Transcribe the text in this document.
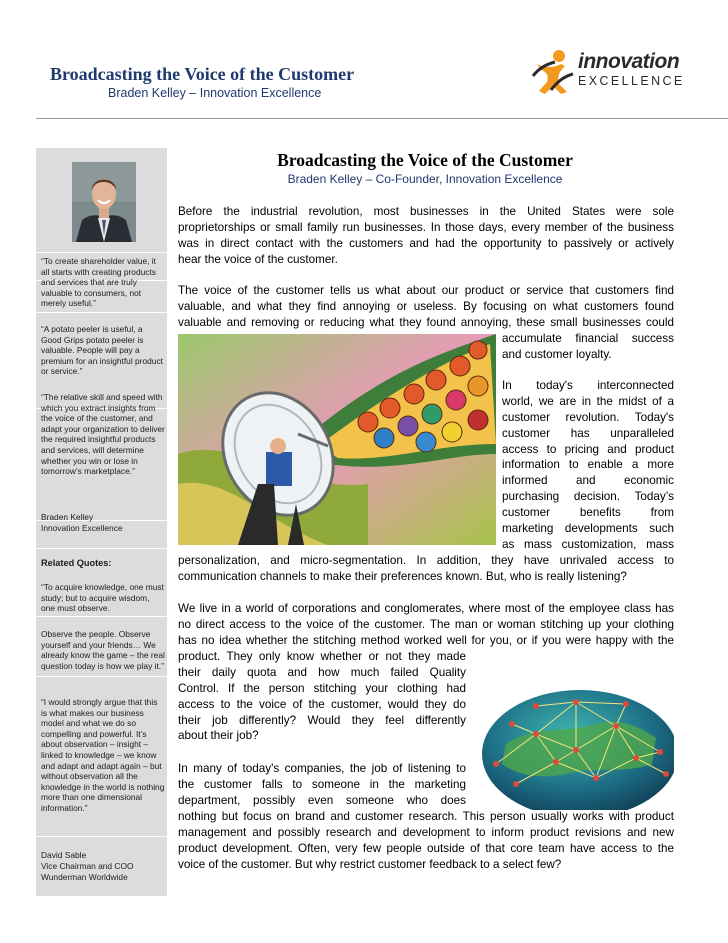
Broadcasting the Voice of the Customer
Braden Kelley – Innovation Excellence
innovation
EXCELLENCE
“To create shareholder value, it all starts with creating products and services that are truly valuable to consumers, not merely useful.”
“A potato peeler is useful, a Good Grips potato peeler is valuable. People will pay a premium for an insightful product or service.”
“The relative skill and speed with which you extract insights from the voice of the customer, and adapt your organization to deliver the required insightful products and services, will determine whether you win or lose in tomorrow’s marketplace.”
Braden Kelley
Innovation Excellence
Related Quotes:
“To acquire knowledge, one must study; but to acquire wisdom, one must observe.
Observe the people. Observe yourself and your friends… We already know the game – the real question today is how we play it.”
“I would strongly argue that this is what makes our business model and what we do so compelling and powerful. It’s about observation – insight – linked to knowledge – we know and adapt and adapt again – but without observation all the knowledge in the world is nothing more than one dimensional information.”
David Sable
Vice Chairman and COO
Wunderman Worldwide
Broadcasting the Voice of the Customer
Braden Kelley – Co-Founder, Innovation Excellence
Before the industrial revolution, most businesses in the United States were sole
proprietorships or small family run businesses. In those days, every member of the business
was in direct contact with the customers and had the opportunity to passively or actively
hear the voice of the customer.
The voice of the customer tells us what about our product or service that customers find
valuable, and what they find annoying or useless. By focusing on what customers found
valuable and removing or reducing what they found annoying, these small businesses could
accumulate financial success
and customer loyalty.
In today's interconnected
world, we are in the midst of a
customer revolution. Today's
customer has unparalleled
access to pricing and product
information to enable a more
informed and economic
purchasing decision. Today’s
customer benefits from
marketing developments such
as mass customization, mass
personalization, and micro-segmentation. In addition, they have unrivaled access to
communication channels to make their preferences known. But, who is really listening?
We live in a world of corporations and conglomerates, where most of the employee class has
no direct access to the voice of the customer. The man or woman stitching up your clothing
has no idea whether the stitching method worked well for you, or if you were happy with the
product. They only know whether or not they made
their daily quota and how much failed Quality
Control. If the person stitching your clothing had
access to the voice of the customer, would they do
their job differently? Would they feel differently
about their job?
In many of today's companies, the job of listening to
the customer falls to someone in the marketing
department, possibly even someone who does
nothing but focus on brand and customer research. This person usually works with product
management and possibly research and development to inform product revisions and new
product development. Often, very few people outside of that core team have access to the
voice of the customer. But why restrict customer feedback to a select few?
